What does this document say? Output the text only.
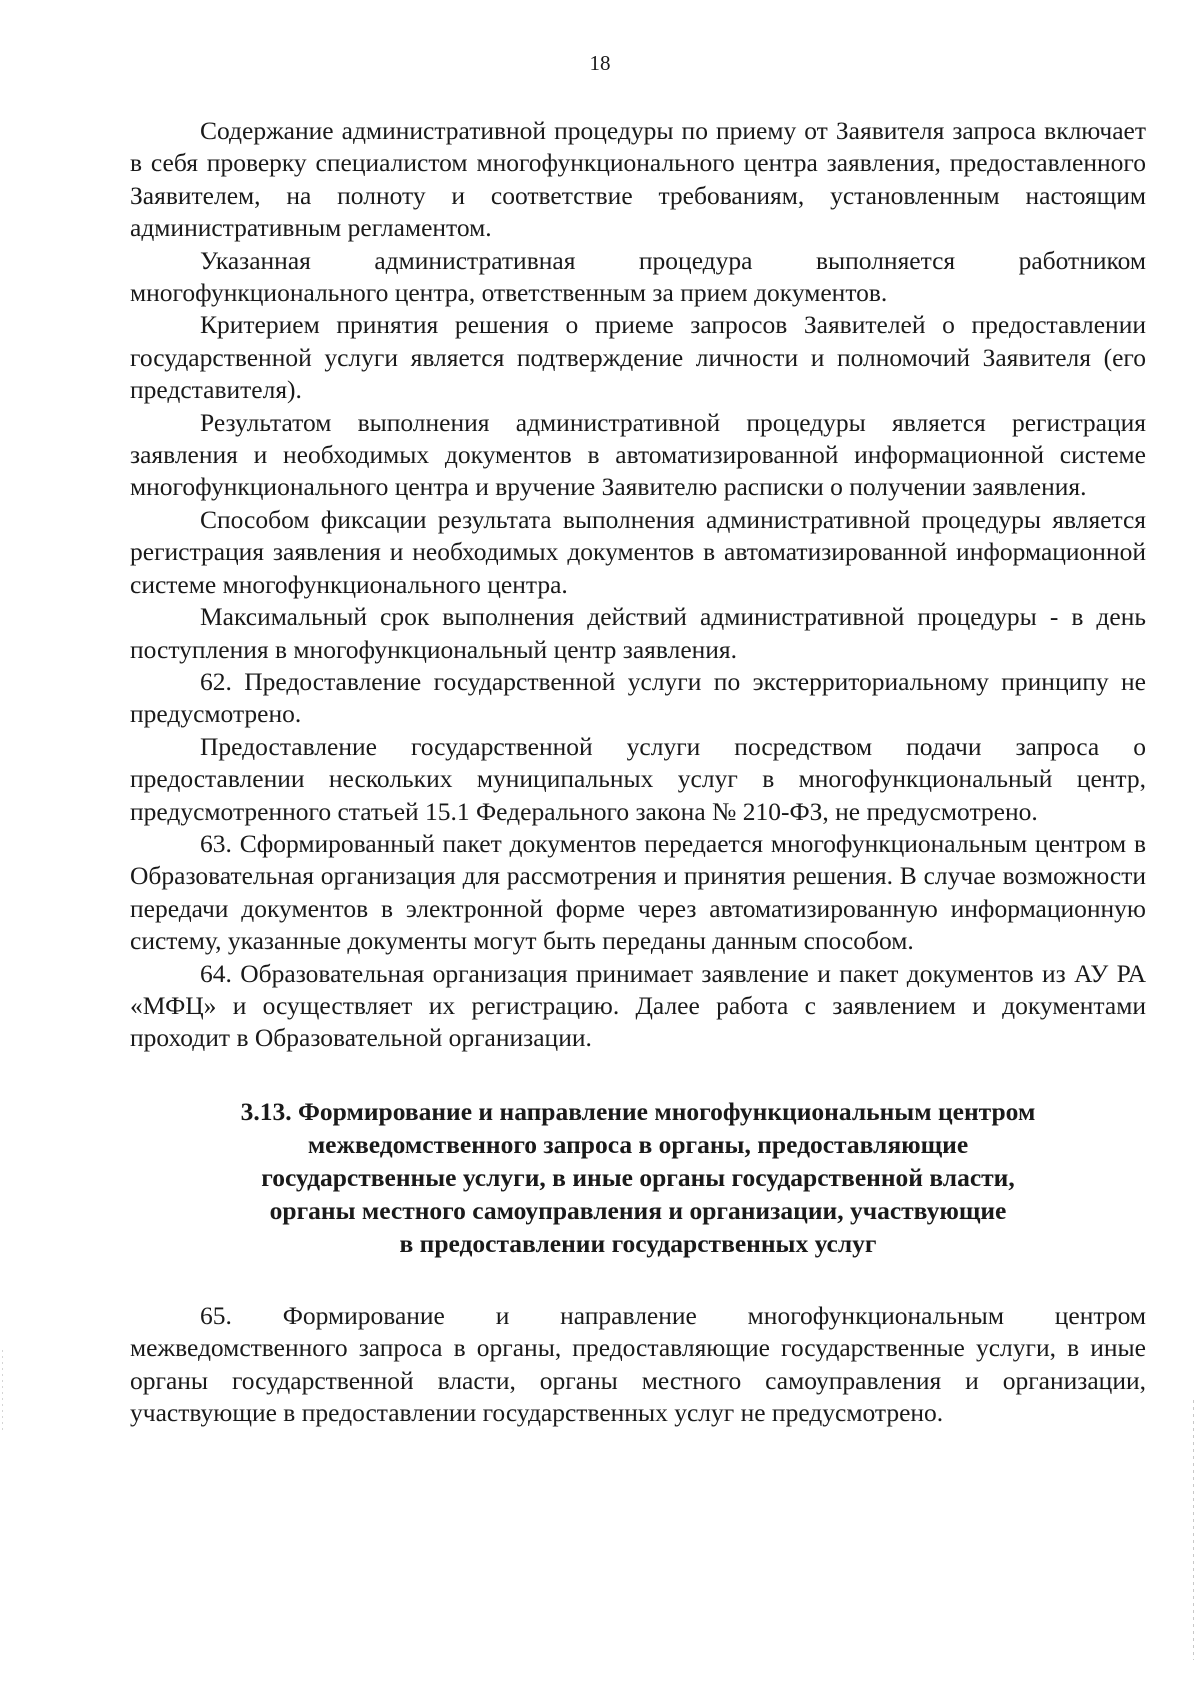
18

Содержание административной процедуры по приему от Заявителя запроса включает в себя проверку специалистом многофункционального центра заявления, предоставленного Заявителем, на полноту и соответствие требованиям, установленным настоящим административным регламентом.

Указанная административная процедура выполняется работником многофункционального центра, ответственным за прием документов.

Критерием принятия решения о приеме запросов Заявителей о предоставлении государственной услуги является подтверждение личности и полномочий Заявителя (его представителя).

Результатом выполнения административной процедуры является регистрация заявления и необходимых документов в автоматизированной информационной системе многофункционального центра и вручение Заявителю расписки о получении заявления.

Способом фиксации результата выполнения административной процедуры является регистрация заявления и необходимых документов в автоматизированной информационной системе многофункционального центра.

Максимальный срок выполнения действий административной процедуры - в день поступления в многофункциональный центр заявления.

62. Предоставление государственной услуги по экстерриториальному принципу не предусмотрено.

Предоставление государственной услуги посредством подачи запроса о предоставлении нескольких муниципальных услуг в многофункциональный центр, предусмотренного статьей 15.1 Федерального закона № 210-ФЗ, не предусмотрено.

63. Сформированный пакет документов передается многофункциональным центром в Образовательная организация для рассмотрения и принятия решения. В случае возможности передачи документов в электронной форме через автоматизированную информационную систему, указанные документы могут быть переданы данным способом.

64. Образовательная организация принимает заявление и пакет документов из АУ РА «МФЦ» и осуществляет их регистрацию. Далее работа с заявлением и документами проходит в Образовательной организации.

3.13. Формирование и направление многофункциональным центром
межведомственного запроса в органы, предоставляющие
государственные услуги, в иные органы государственной власти,
органы местного самоуправления и организации, участвующие
в предоставлении государственных услуг

65. Формирование и направление многофункциональным центром межведомственного запроса в органы, предоставляющие государственные услуги, в иные органы государственной власти, органы местного самоуправления и организации, участвующие в предоставлении государственных услуг не предусмотрено.
